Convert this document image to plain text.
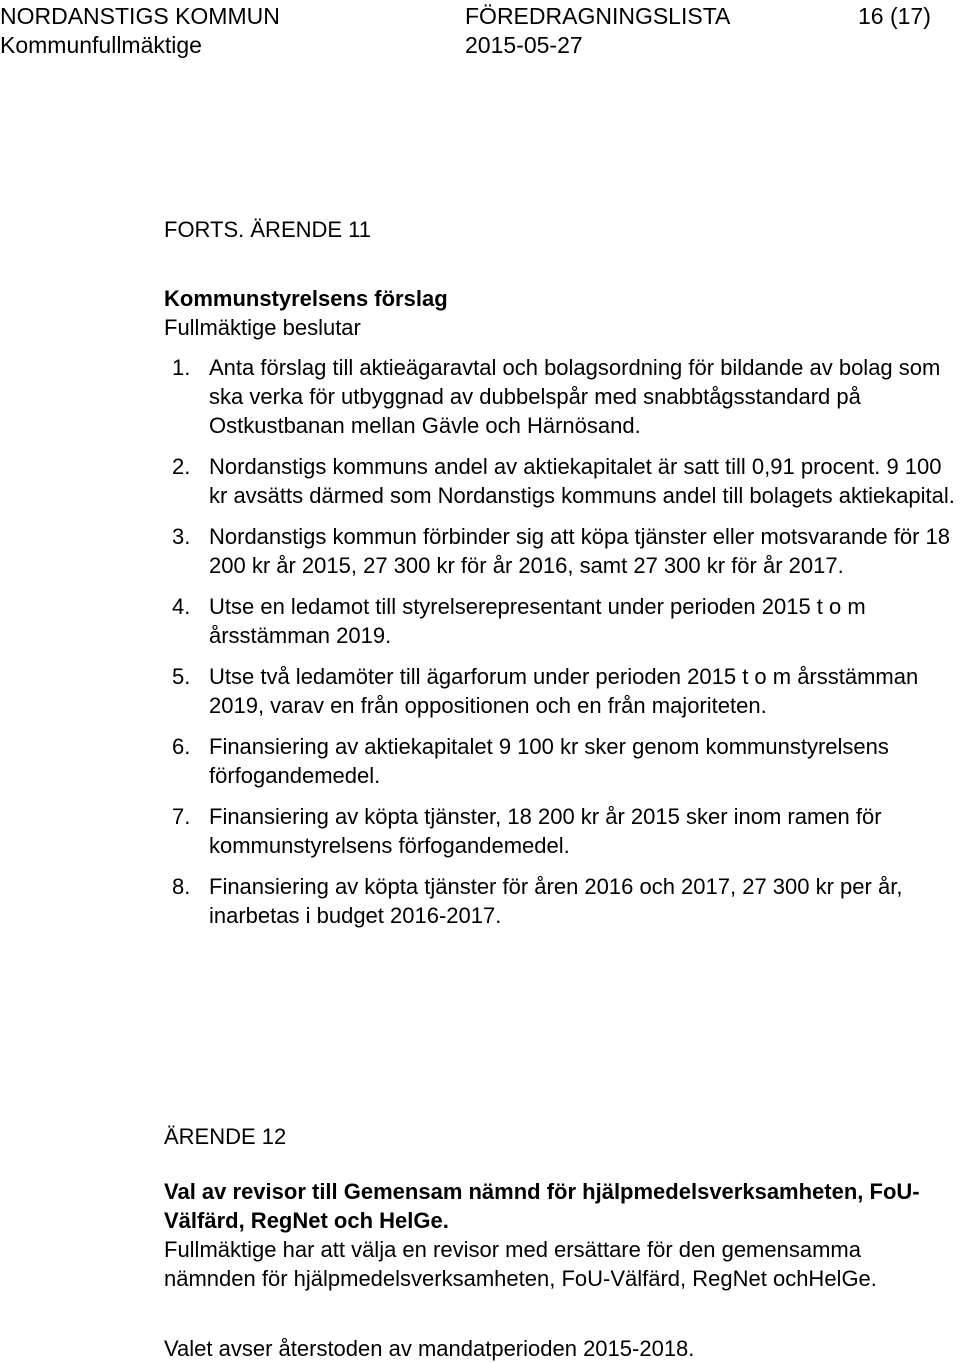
NORDANSTIGS KOMMUN	FÖREDRAGNINGSLISTA	16 (17)
Kommunfullmäktige	2015-05-27
FORTS. ÄRENDE 11
Kommunstyrelsens förslag
Fullmäktige beslutar
1. Anta förslag till aktieägaravtal och bolagsordning för bildande av bolag som ska verka för utbyggnad av dubbelspår med snabbtågsstandard på Ostkustbanan mellan Gävle och Härnösand.
2. Nordanstigs kommuns andel av aktiekapitalet är satt till 0,91 procent. 9 100 kr avsätts därmed som Nordanstigs kommuns andel till bolagets aktiekapital.
3. Nordanstigs kommun förbinder sig att köpa tjänster eller motsvarande för 18 200 kr år 2015, 27 300 kr för år 2016, samt 27 300 kr för år 2017.
4. Utse en ledamot till styrelserepresentant under perioden 2015 t o m årsstämman 2019.
5. Utse två ledamöter till ägarforum under perioden 2015 t o m årsstämman 2019, varav en från oppositionen och en från majoriteten.
6. Finansiering av aktiekapitalet 9 100 kr sker genom kommunstyrelsens förfogandemedel.
7. Finansiering av köpta tjänster, 18 200 kr år 2015 sker inom ramen för kommunstyrelsens förfogandemedel.
8. Finansiering av köpta tjänster för åren 2016 och 2017, 27 300 kr per år, inarbetas i budget 2016-2017.
ÄRENDE 12
Val av revisor till Gemensam nämnd för hjälpmedelsverksamheten, FoU-Välfärd, RegNet och HelGe.
Fullmäktige har att välja en revisor med ersättare för den gemensamma nämnden för hjälpmedelsverksamheten, FoU-Välfärd, RegNet ochHelGe.
Valet avser återstoden av mandatperioden 2015-2018.
